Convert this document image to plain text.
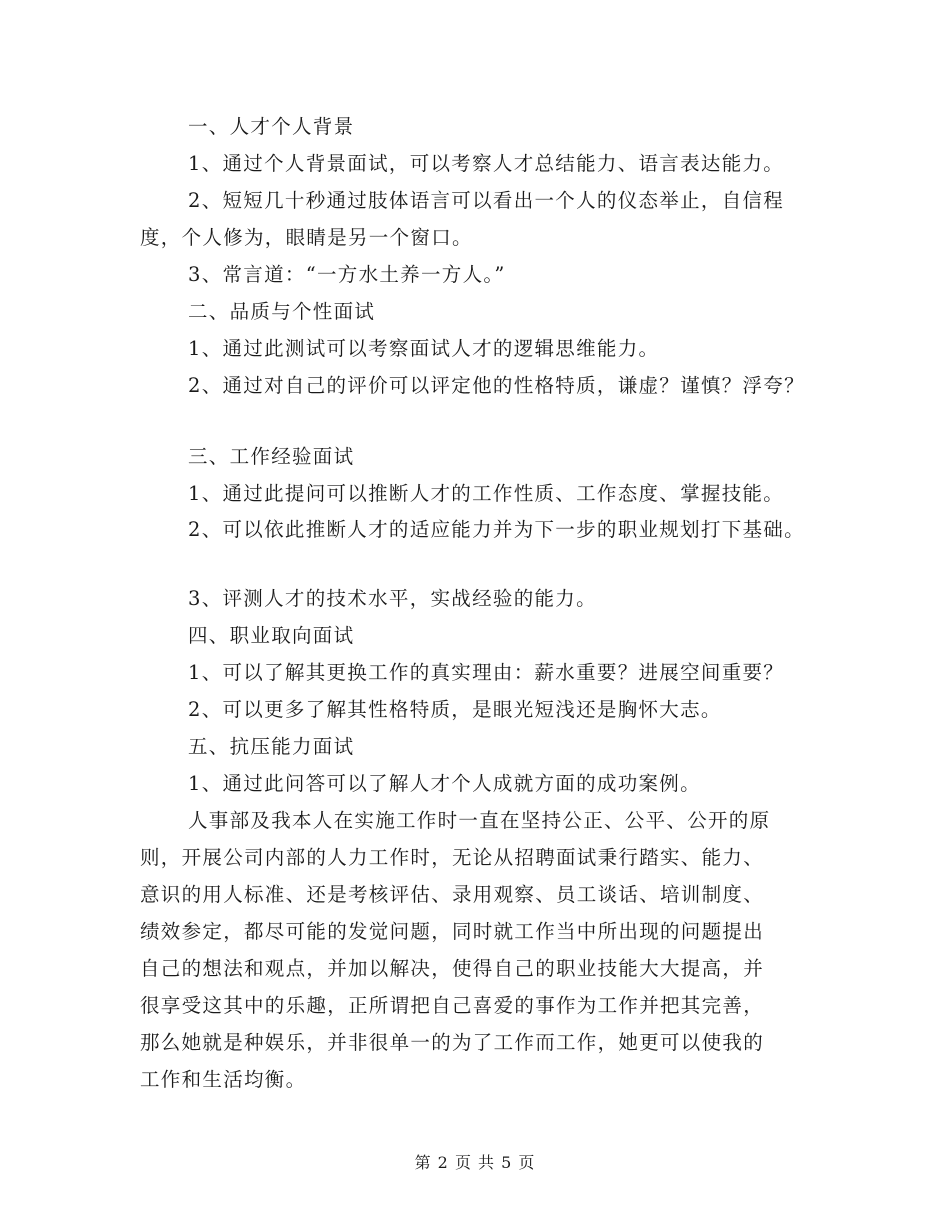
一、人才个人背景
1、通过个人背景面试，可以考察人才总结能力、语言表达能力。
2、短短几十秒通过肢体语言可以看出一个人的仪态举止，自信程
度，个人修为，眼睛是另一个窗口。
3、常言道：“一方水土养一方人。”
二、品质与个性面试
1、通过此测试可以考察面试人才的逻辑思维能力。
2、通过对自己的评价可以评定他的性格特质，谦虚？谨慎？浮夸？
三、工作经验面试
1、通过此提问可以推断人才的工作性质、工作态度、掌握技能。
2、可以依此推断人才的适应能力并为下一步的职业规划打下基础。
3、评测人才的技术水平，实战经验的能力。
四、职业取向面试
1、可以了解其更换工作的真实理由：薪水重要？进展空间重要？
2、可以更多了解其性格特质，是眼光短浅还是胸怀大志。
五、抗压能力面试
1、通过此问答可以了解人才个人成就方面的成功案例。
人事部及我本人在实施工作时一直在坚持公正、公平、公开的原
则，开展公司内部的人力工作时，无论从招聘面试秉行踏实、能力、
意识的用人标准、还是考核评估、录用观察、员工谈话、培训制度、
绩效参定，都尽可能的发觉问题，同时就工作当中所出现的问题提出
自己的想法和观点，并加以解决，使得自己的职业技能大大提高，并
很享受这其中的乐趣，正所谓把自己喜爱的事作为工作并把其完善，
那么她就是种娱乐，并非很单一的为了工作而工作，她更可以使我的
工作和生活均衡。
第 2 页 共 5 页
